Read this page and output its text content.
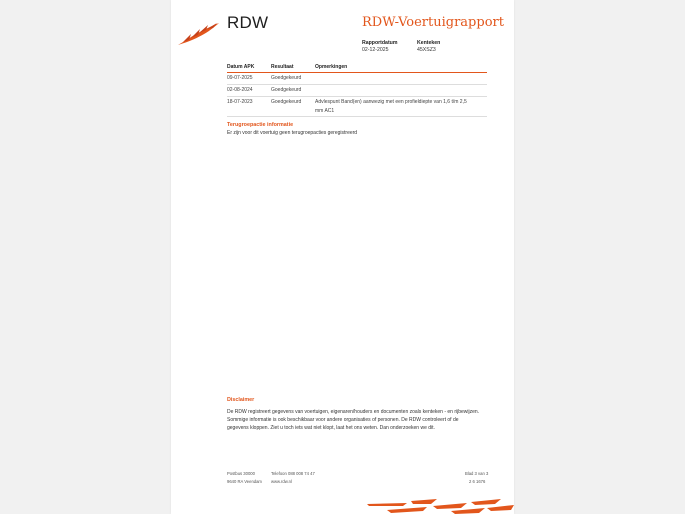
RDW	RDW-Voertuigrapport
Rapportdatum
02-12-2025
Kenteken
45XSZ3
Datum APK	Resultaat	Opmerkingen
09-07-2025	Goedgekeurd	
02-08-2024	Goedgekeurd	
18-07-2023	Goedgekeurd	Advlespunt Band(en) aanwezig met een profieldiepte van 1,6 t/m 2,5 mm AC1
Terugroepactie informatie
Er zijn voor dit voertuig geen terugroepacties geregistreerd
Disclaimer
De RDW registreert gegevens van voertuigen, eigenaren/houders en documenten zoals kenteken - en rijbewijzen. Sommige informatie is ook beschikbaar voor andere organisaties of personen. De RDW controleert of de gegevens kloppen. Ziet u toch iets wat niet klopt, laat het ons weten. Dan onderzoeken we dit.
Postbus 30000
9640 RA Veendam
Telefoon 088 008 74 47
www.rdw.nl
Blad 3 van 3
2 6 1676
